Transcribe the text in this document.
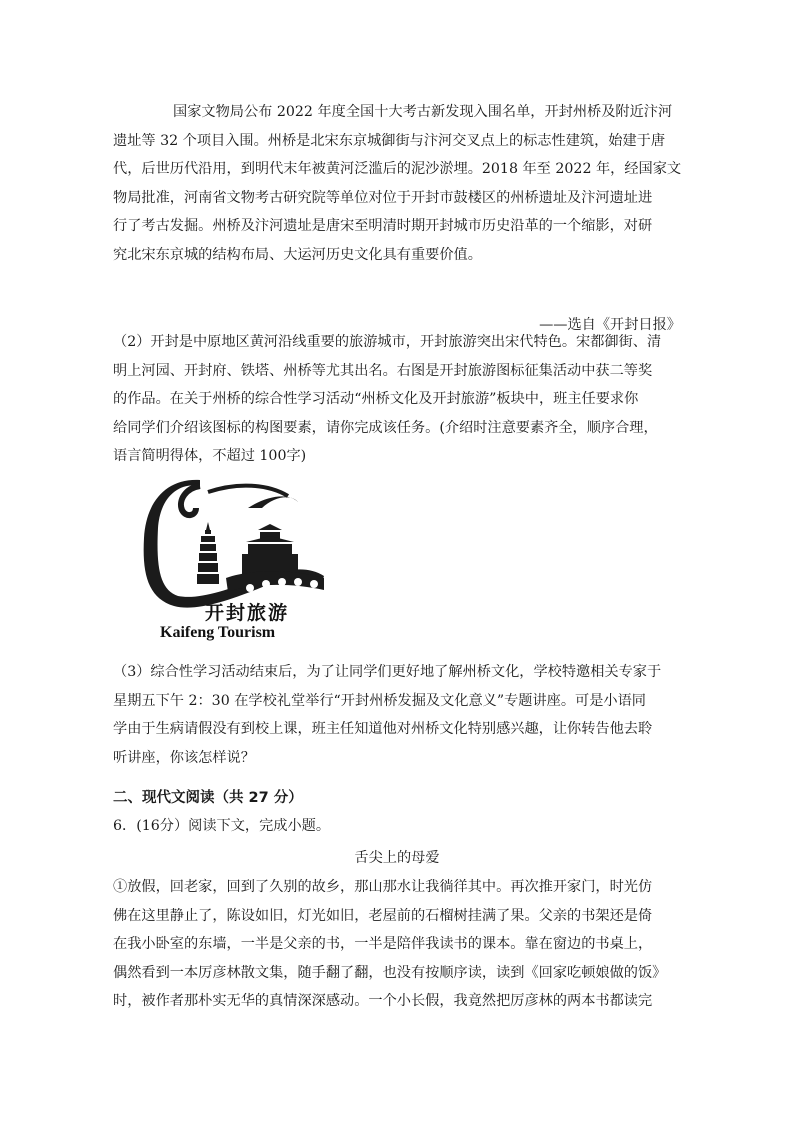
国家文物局公布 2022 年度全国十大考古新发现入围名单，开封州桥及附近汴河
遗址等 32 个项目入围。州桥是北宋东京城御街与汴河交叉点上的标志性建筑，始建于唐
代，后世历代沿用，到明代末年被黄河泛滥后的泥沙淤埋。2018 年至 2022 年，经国家文
物局批准，河南省文物考古研究院等单位对位于开封市鼓楼区的州桥遗址及汴河遗址进
行了考古发掘。州桥及汴河遗址是唐宋至明清时期开封城市历史沿革的一个缩影，对研
究北宋东京城的结构布局、大运河历史文化具有重要价值。

——选自《开封日报》

（2）开封是中原地区黄河沿线重要的旅游城市，开封旅游突出宋代特色。宋都御街、清
明上河园、开封府、铁塔、州桥等尤其出名。右图是开封旅游图标征集活动中获二等奖
的作品。在关于州桥的综合性学习活动“州桥文化及开封旅游”板块中，班主任要求你
给同学们介绍该图标的构图要素，请你完成该任务。(介绍时注意要素齐全，顺序合理，
语言简明得体，不超过 100字)
开封旅游
Kaifeng Tourism
（3）综合性学习活动结束后，为了让同学们更好地了解州桥文化，学校特邀相关专家于
星期五下午 2：30 在学校礼堂举行“开封州桥发掘及文化意义”专题讲座。可是小语同
学由于生病请假没有到校上课，班主任知道他对州桥文化特别感兴趣，让你转告他去聆
听讲座，你该怎样说？

二、现代文阅读（共 27 分）

6．(16分）阅读下文，完成小题。

舌尖上的母爱

①放假，回老家，回到了久别的故乡，那山那水让我徜徉其中。再次推开家门，时光仿
佛在这里静止了，陈设如旧，灯光如旧，老屋前的石榴树挂满了果。父亲的书架还是倚
在我小卧室的东墙，一半是父亲的书，一半是陪伴我读书的课本。靠在窗边的书桌上，
偶然看到一本厉彦林散文集，随手翻了翻，也没有按顺序读，读到《回家吃顿娘做的饭》
时，被作者那朴实无华的真情深深感动。一个小长假，我竟然把厉彦林的两本书都读完
